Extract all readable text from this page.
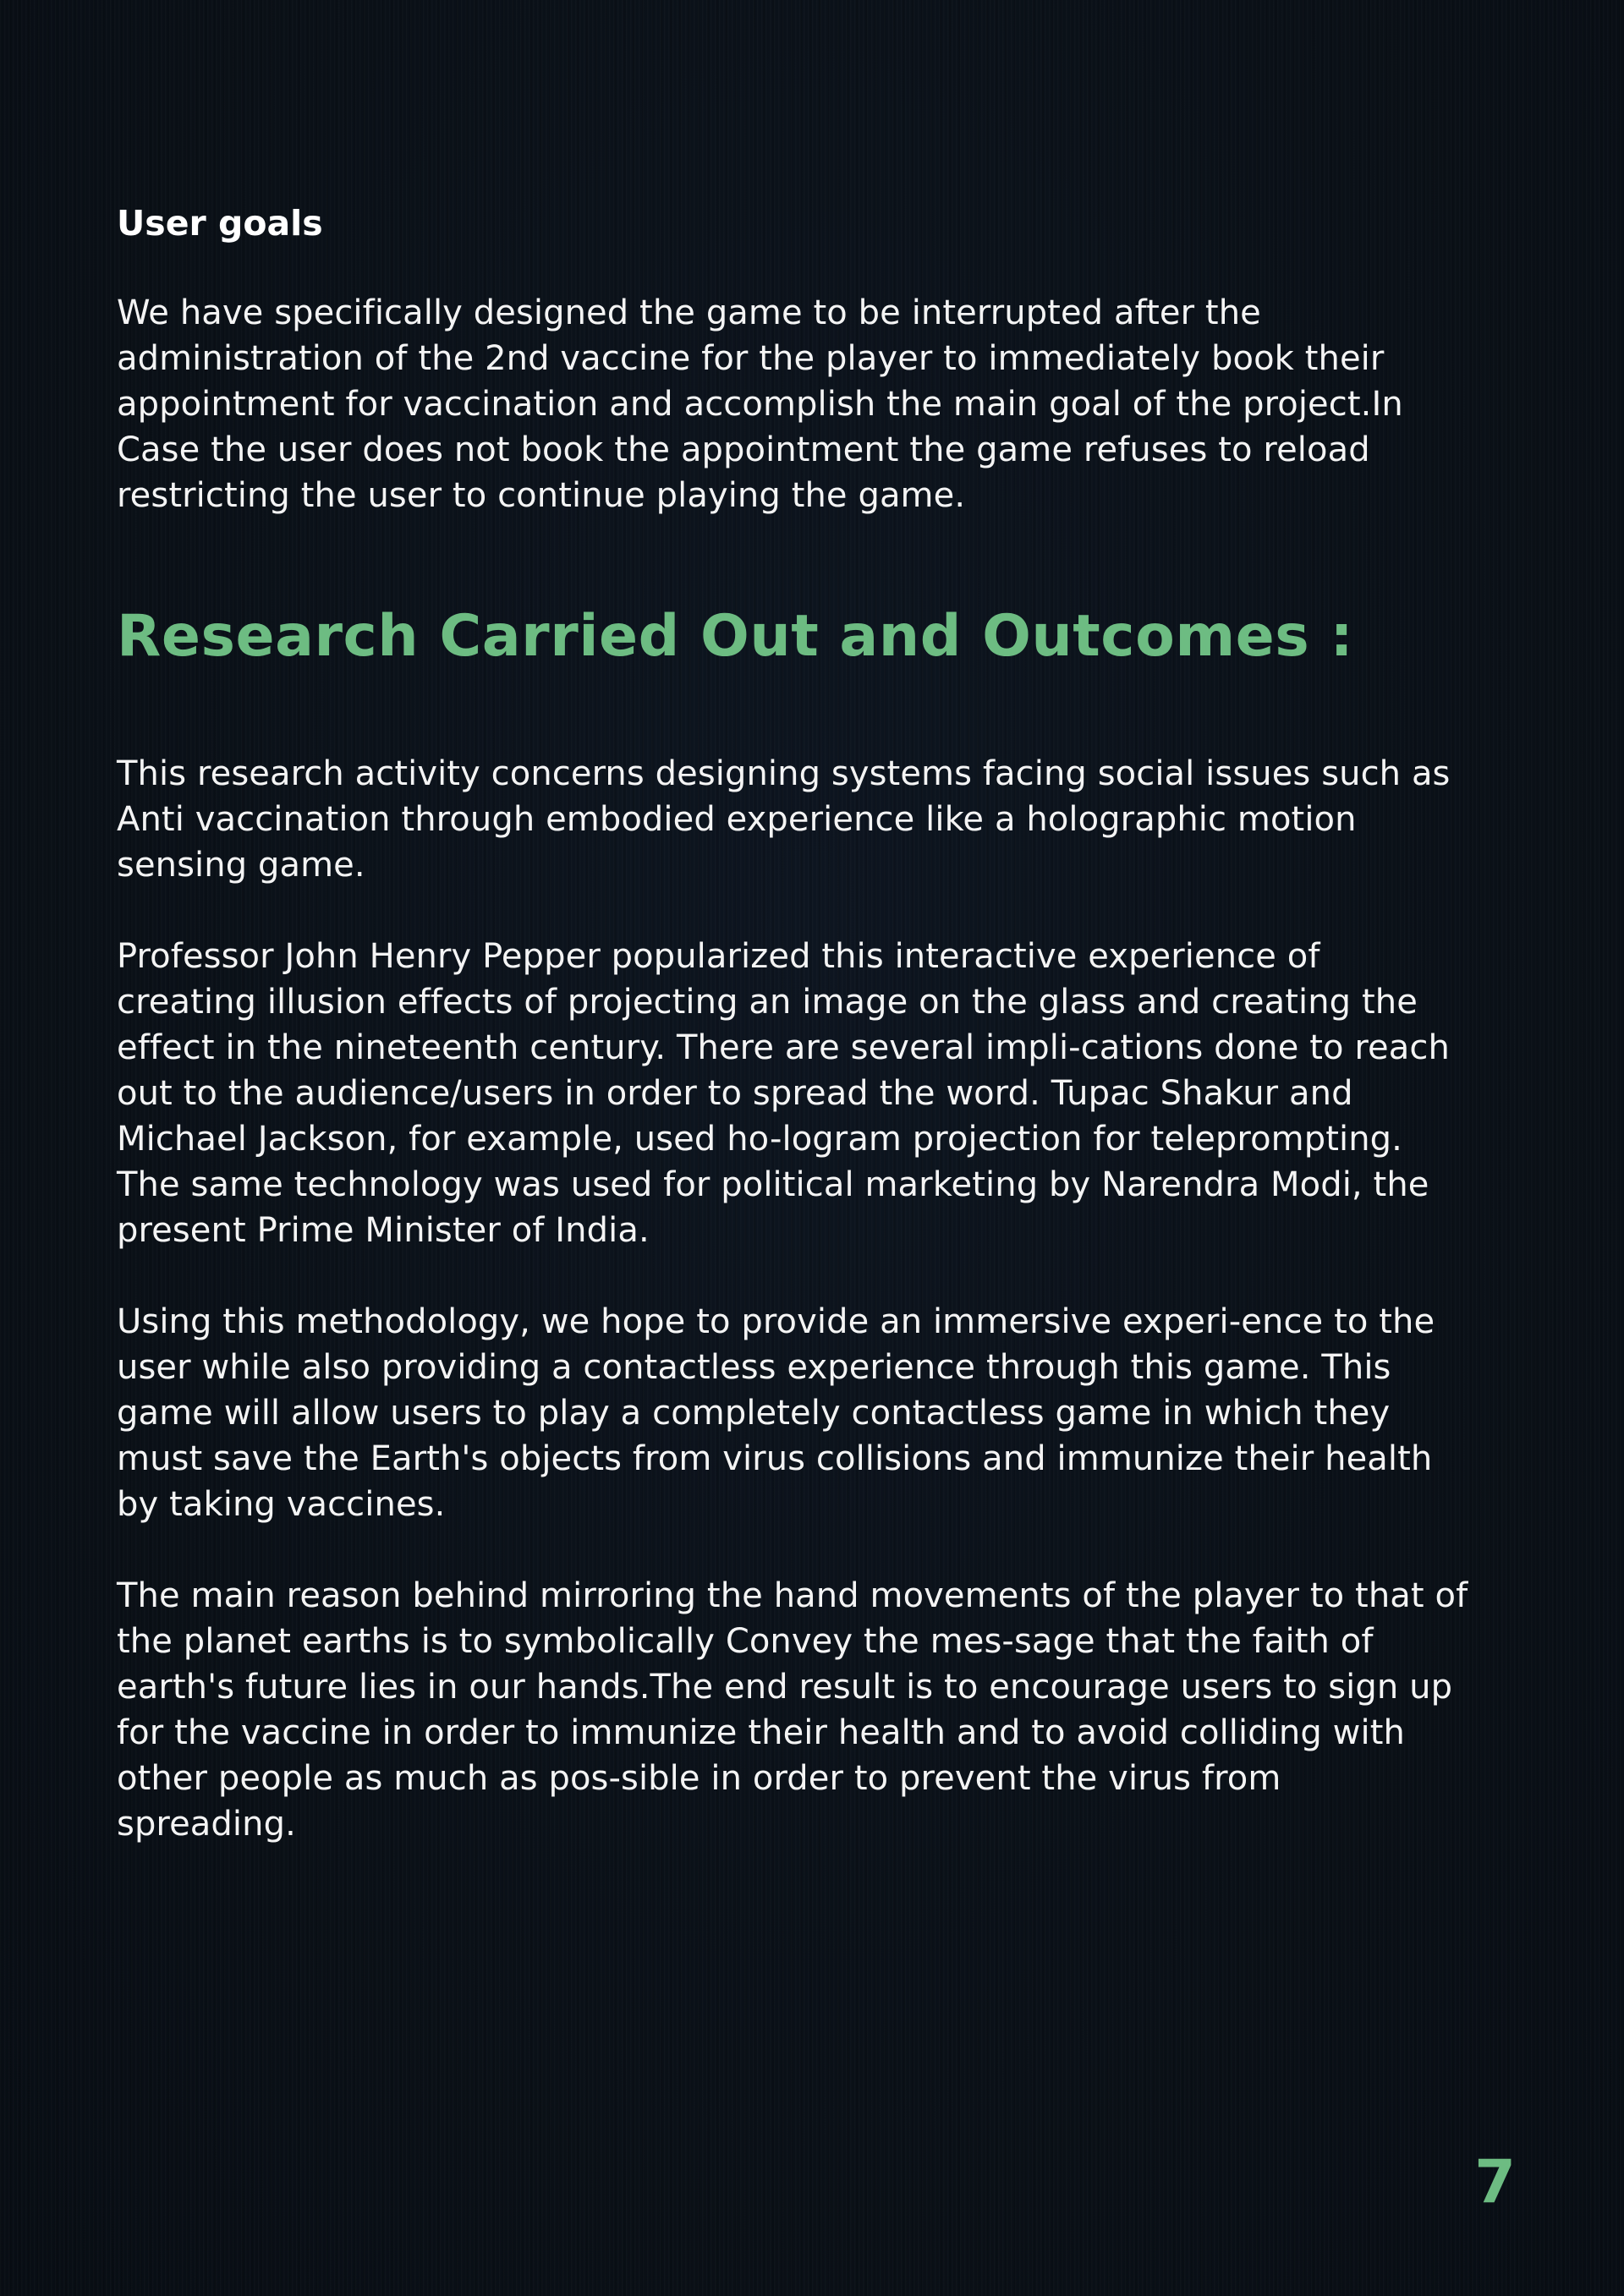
User goals

We have specifically designed the game to be interrupted after the administration of the 2nd vaccine for the player to immediately book their appointment for vaccination and accomplish the main goal of the project.In Case the user does not book the appointment the game refuses to reload restricting the user to continue playing the game.

Research Carried Out and Outcomes :

This research activity concerns designing systems facing social issues such as Anti vaccination through embodied experience like a holographic motion sensing game.

Professor John Henry Pepper popularized this interactive experience of creating illusion effects of projecting an image on the glass and creating the effect in the nineteenth century. There are several impli-cations done to reach out to the audience/users in order to spread the word. Tupac Shakur and Michael Jackson, for example, used ho-logram projection for teleprompting. The same technology was used for political marketing by Narendra Modi, the present Prime Minister of India.

Using this methodology, we hope to provide an immersive experi-ence to the user while also providing a contactless experience through this game. This game will allow users to play a completely contactless game in which they must save the Earth's objects from virus collisions and immunize their health by taking vaccines.

The main reason behind mirroring the hand movements of the player to that of the planet earths is to symbolically Convey the mes-sage that the faith of earth's future lies in our hands.The end result is to encourage users to sign up for the vaccine in order to immunize their health and to avoid colliding with other people as much as pos-sible in order to prevent the virus from spreading.

7
